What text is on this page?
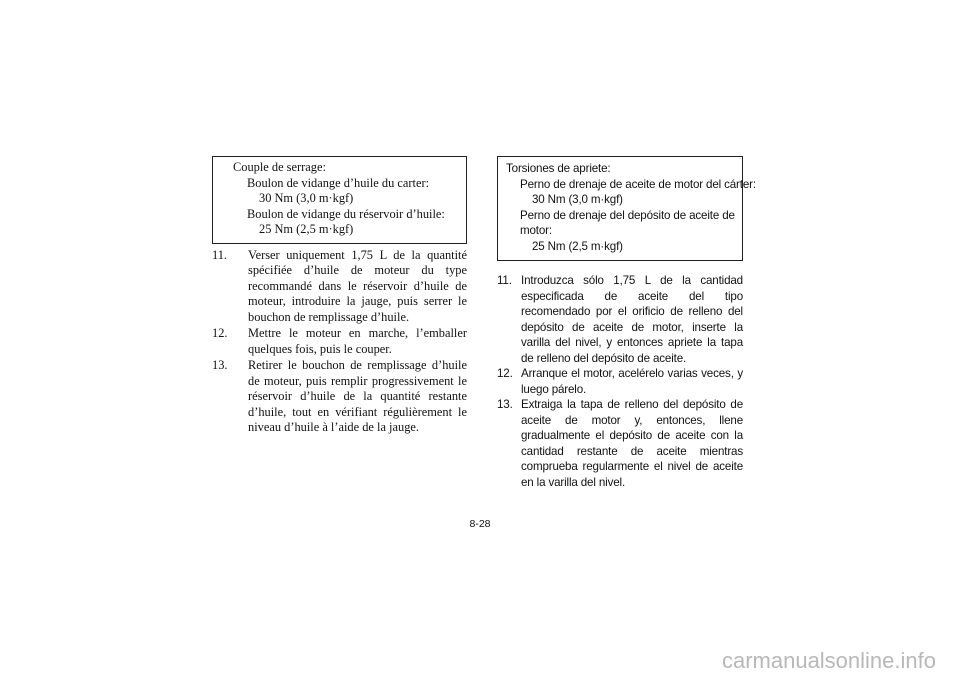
Couple de serrage:
Boulon de vidange d’huile du carter:
30 Nm (3,0 m·kgf)
Boulon de vidange du réservoir d’huile:
25 Nm (2,5 m·kgf)
11. Verser uniquement 1,75 L de la quantité spécifiée d’huile de moteur du type recommandé dans le réservoir d’huile de moteur, introduire la jauge, puis serrer le bouchon de remplissage d’huile.
12. Mettre le moteur en marche, l’emballer quelques fois, puis le couper.
13. Retirer le bouchon de remplissage d’huile de moteur, puis remplir progressivement le réservoir d’huile de la quantité restante d’huile, tout en vérifiant régulièrement le niveau d’huile à l’aide de la jauge.
Torsiones de apriete:
Perno de drenaje de aceite de motor del cárter:
30 Nm (3,0 m·kgf)
Perno de drenaje del depósito de aceite de motor:
25 Nm (2,5 m·kgf)
11. Introduzca sólo 1,75 L de la cantidad especificada de aceite del tipo recomendado por el orificio de relleno del depósito de aceite de motor, inserte la varilla del nivel, y entonces apriete la tapa de relleno del depósito de aceite.
12. Arranque el motor, acelérelo varias veces, y luego párelo.
13. Extraiga la tapa de relleno del depósito de aceite de motor y, entonces, llene gradualmente el depósito de aceite con la cantidad restante de aceite mientras comprueba regularmente el nivel de aceite en la varilla del nivel.
8-28
carmanualsonline.info
